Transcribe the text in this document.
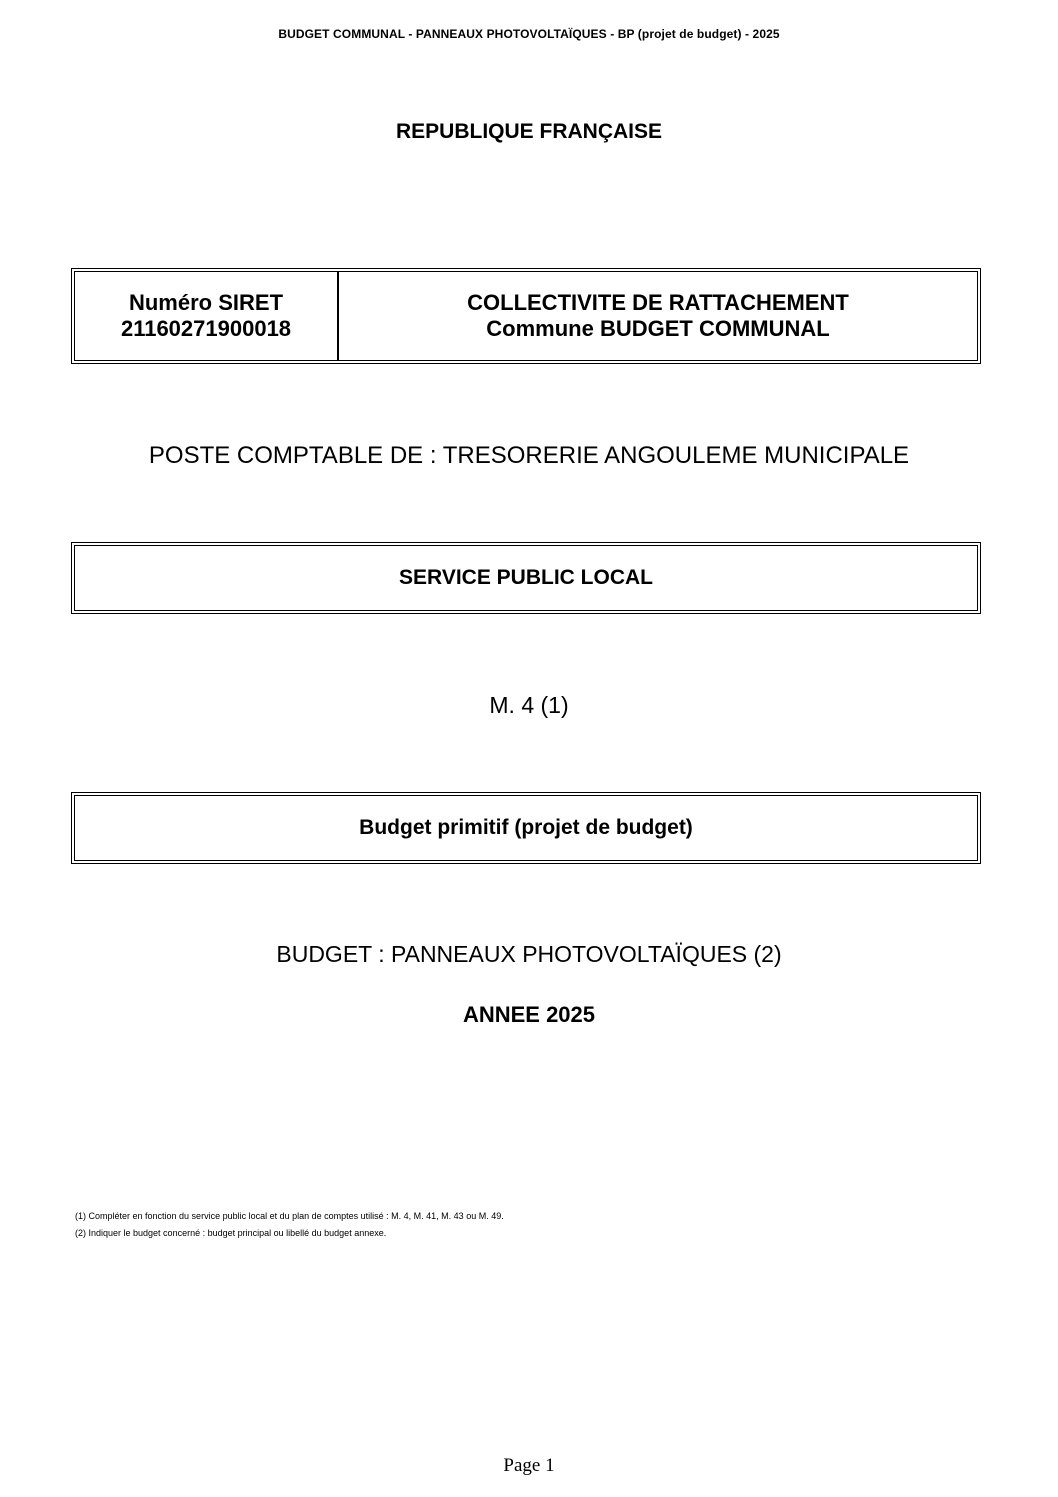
BUDGET COMMUNAL - PANNEAUX PHOTOVOLTAÏQUES - BP (projet de budget) - 2025
REPUBLIQUE FRANÇAISE
Numéro SIRET
21160271900018
COLLECTIVITE DE RATTACHEMENT
Commune BUDGET COMMUNAL
POSTE COMPTABLE DE : TRESORERIE ANGOULEME MUNICIPALE
SERVICE PUBLIC LOCAL
M. 4 (1)
Budget primitif (projet de budget)
BUDGET : PANNEAUX PHOTOVOLTAÏQUES (2)
ANNEE 2025
(1) Compléter en fonction du service public local et du plan de comptes utilisé : M. 4, M. 41, M. 43 ou M. 49.
(2) Indiquer le budget concerné : budget principal ou libellé du budget annexe.
Page 1
